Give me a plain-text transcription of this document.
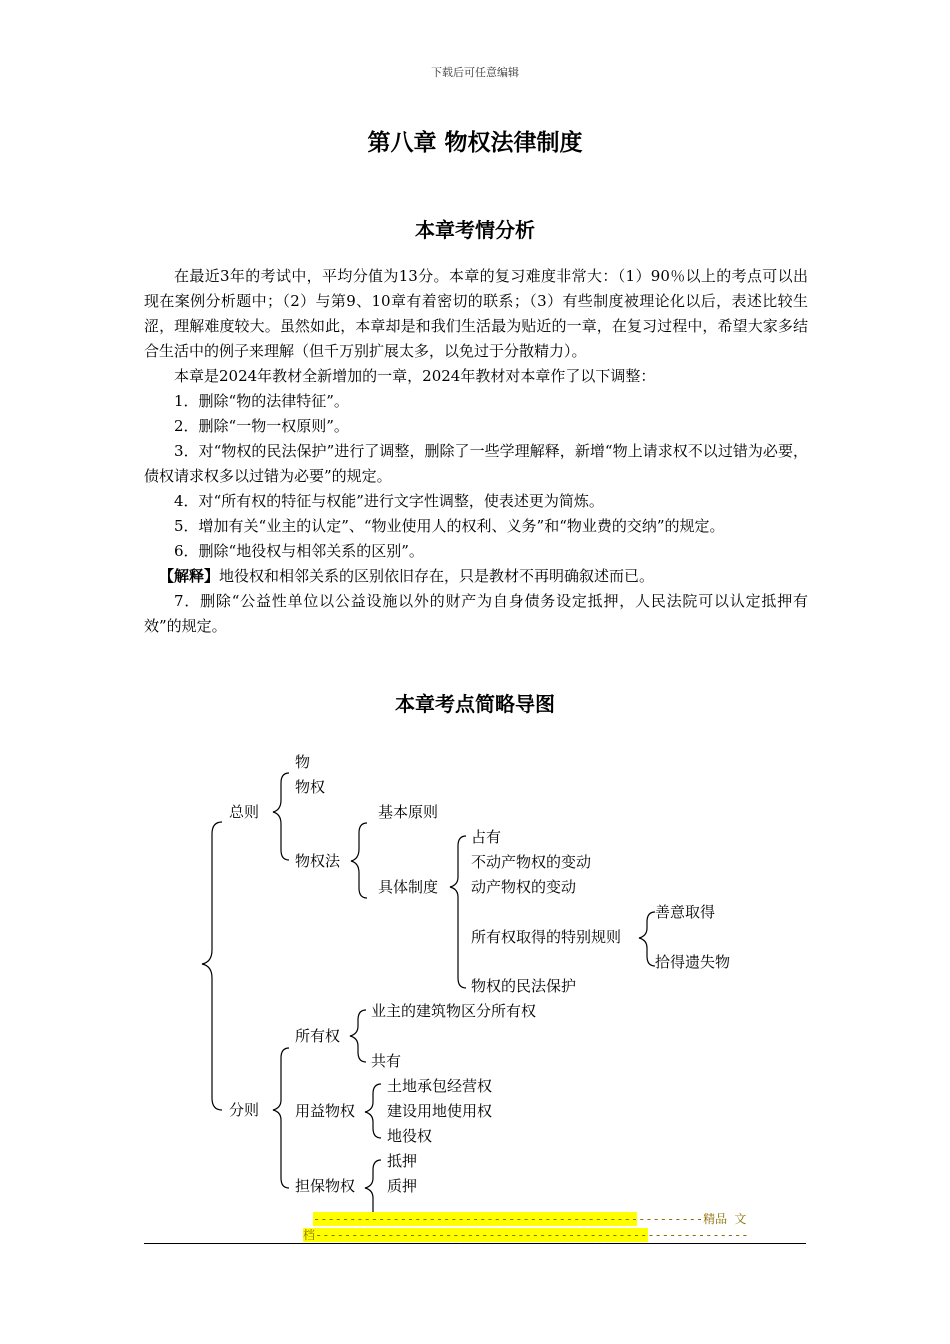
下载后可任意编辑
第八章 物权法律制度
本章考情分析

在最近3年的考试中，平均分值为13分。本章的复习难度非常大：（1）90％以上的考点可以出现在案例分析题中；（2）与第9、10章有着密切的联系；（3）有些制度被理论化以后，表述比较生涩，理解难度较大。虽然如此，本章却是和我们生活最为贴近的一章，在复习过程中，希望大家多结合生活中的例子来理解（但千万别扩展太多，以免过于分散精力）。

本章是2024年教材全新增加的一章，2024年教材对本章作了以下调整：

1．删除“物的法律特征”。

2．删除“一物一权原则”。

3．对“物权的民法保护”进行了调整，删除了一些学理解释，新增“物上请求权不以过错为必要，债权请求权多以过错为必要”的规定。

4．对“所有权的特征与权能”进行文字性调整，使表述更为简炼。

5．增加有关“业主的认定”、“物业使用人的权利、义务”和“物业费的交纳”的规定。

6．删除“地役权与相邻关系的区别”。

【解释】地役权和相邻关系的区别依旧存在，只是教材不再明确叙述而已。

7．删除“公益性单位以公益设施以外的财产为自身债务设定抵押，人民法院可以认定抵押有效”的规定。

本章考点简略导图
总则
分则
物
物权
物权法
基本原则
具体制度
占有
不动产物权的变动
动产物权的变动
所有权取得的特别规则
物权的民法保护
善意取得
拾得遗失物
所有权
业主的建筑物区分所有权
共有
用益物权
土地承包经营权
建设用地使用权
地役权
担保物权
抵押
质押
------------------------------------------------------精品 文
档------------------------------------------------------------
